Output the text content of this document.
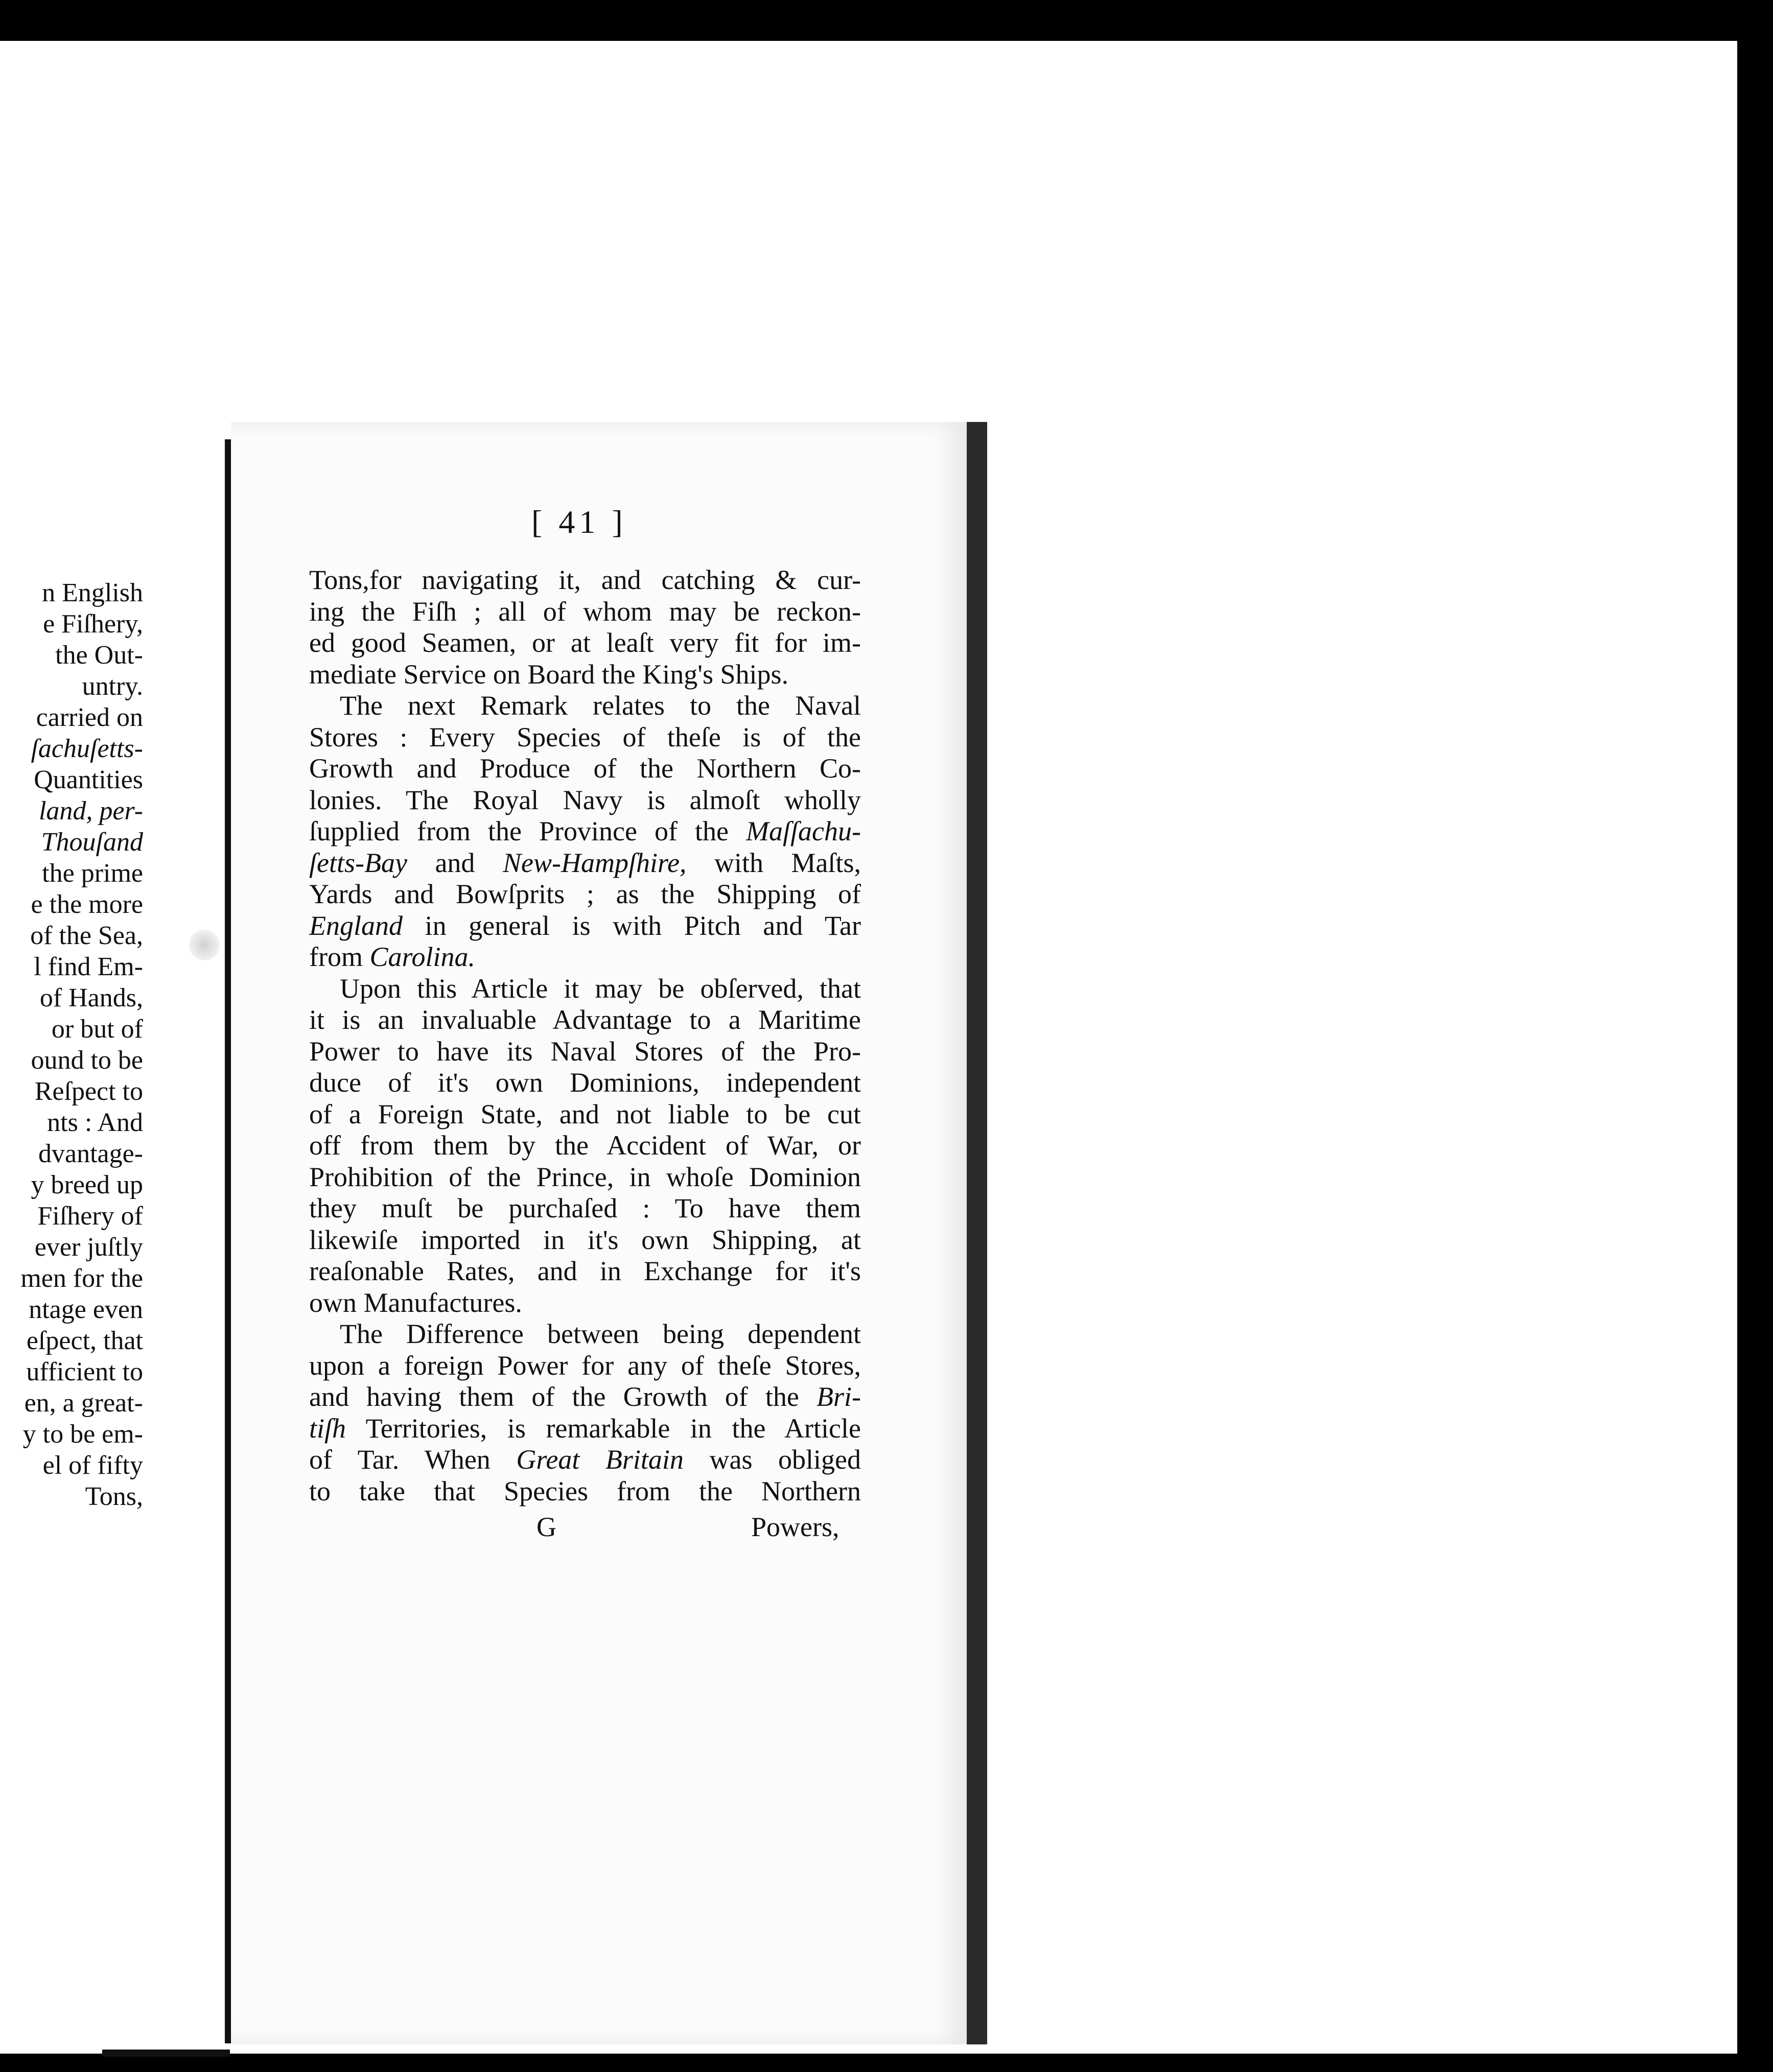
n English
e Fiſhery,
the Out-
untry.
carried on
ſachuſetts-
Quantities
land, per-
Thouſand
the prime
e the more
of the Sea,
l find Em-
of Hands,
or but of
ound to be
Reſpect to
nts : And
dvantage-
y breed up
Fiſhery of
ever juſtly
men for the
ntage even
eſpect, that
ufficient to
en, a great-
y to be em-
el of fifty
Tons,
[ 41 ]
Tons,for navigating it, and catching & cur-
ing the Fiſh ; all of whom may be reckon-
ed good Seamen, or at leaſt very fit for im-
mediate Service on Board the King's Ships.
The next Remark relates to the Naval
Stores : Every Species of theſe is of the
Growth and Produce of the Northern Co-
lonies. The Royal Navy is almoſt wholly
ſupplied from the Province of the Maſſachu-
ſetts-Bay and New-Hampſhire, with Maſts,
Yards and Bowſprits ; as the Shipping of
England in general is with Pitch and Tar
from Carolina.
Upon this Article it may be obſerved, that
it is an invaluable Advantage to a Maritime
Power to have its Naval Stores of the Pro-
duce of it's own Dominions, independent
of a Foreign State, and not liable to be cut
off from them by the Accident of War, or
Prohibition of the Prince, in whoſe Dominion
they muſt be purchaſed : To have them
likewiſe imported in it's own Shipping, at
reaſonable Rates, and in Exchange for it's
own Manufactures.
The Difference between being dependent
upon a foreign Power for any of theſe Stores,
and having them of the Growth of the Bri-
tiſh Territories, is remarkable in the Article
of Tar. When Great Britain was obliged
to take that Species from the Northern
G	Powers,
